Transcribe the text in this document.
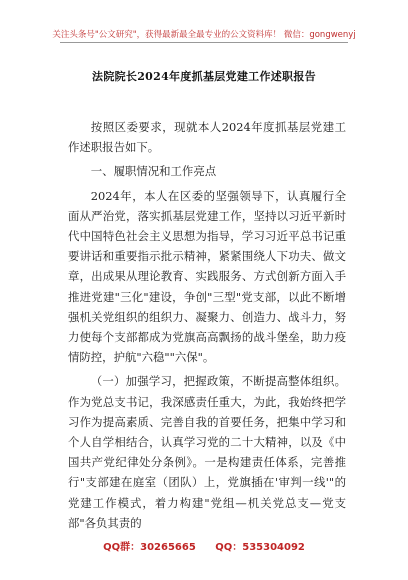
关注头条号"公文研究"，获得最新最全最专业的公文资料库！ 微信：gongwenyj
法院院长2024年度抓基层党建工作述职报告

按照区委要求，现就本人2024年度抓基层党建工作述职报告如下。

一、履职情况和工作亮点

2024年，本人在区委的坚强领导下，认真履行全面从严治党，落实抓基层党建工作，坚持以习近平新时代中国特色社会主义思想为指导，学习习近平总书记重要讲话和重要指示批示精神，紧紧围绕人下功夫、做文章，出成果从理论教育、实践服务、方式创新方面入手推进党建"三化"建设，争创"三型"党支部，以此不断增强机关党组织的组织力、凝聚力、创造力、战斗力，努力使每个支部都成为党旗高高飘扬的战斗堡垒，助力疫情防控，护航"六稳""六保"。

（一）加强学习，把握政策，不断提高整体组织。作为党总支书记，我深感责任重大，为此，我始终把学习作为提高素质、完善自我的首要任务，把集中学习和个人自学相结合，认真学习党的二十大精神，以及《中国共产党纪律处分条例》。一是构建责任体系，完善推行"支部建在庭室（团队）上，党旗插在'审判一线'"的党建工作模式，着力构建"党组—机关党总支—党支部"各负其责的

QQ群：30265665 QQ：535304092
